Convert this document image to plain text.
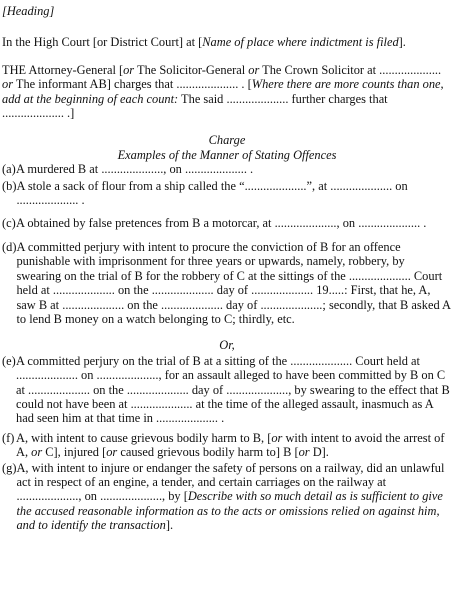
[Heading]

In the High Court [or District Court] at [Name of place where indictment is filed].

THE Attorney-General [or The Solicitor-General or The Crown Solicitor at .................... or The informant AB] charges that .................... . [Where there are more counts than one, add at the beginning of each count: The said .................... further charges that .................... .]

Charge

Examples of the Manner of Stating Offences

(a) A murdered B at ...................., on .................... .
(b) A stole a sack of flour from a ship called the “....................”, at .................... on .................... .
(c) A obtained by false pretences from B a motorcar, at ...................., on .................... .
(d) A committed perjury with intent to procure the conviction of B for an offence punishable with imprisonment for three years or upwards, namely, robbery, by swearing on the trial of B for the robbery of C at the sittings of the .................... Court held at .................... on the .................... day of .................... 19.....: First, that he, A, saw B at .................... on the .................... day of ....................; secondly, that B asked A to lend B money on a watch belonging to C; thirdly, etc.

Or,

(e) A committed perjury on the trial of B at a sitting of the .................... Court held at .................... on ...................., for an assault alleged to have been committed by B on C at .................... on the .................... day of ...................., by swearing to the effect that B could not have been at .................... at the time of the alleged assault, inasmuch as A had seen him at that time in .................... .
(f) A, with intent to cause grievous bodily harm to B, [or with intent to avoid the arrest of A, or C], injured [or caused grievous bodily harm to] B [or D].
(g) A, with intent to injure or endanger the safety of persons on a railway, did an unlawful act in respect of an engine, a tender, and certain carriages on the railway at ...................., on ...................., by [Describe with so much detail as is sufficient to give the accused reasonable information as to the acts or omissions relied on against him, and to identify the transaction].
